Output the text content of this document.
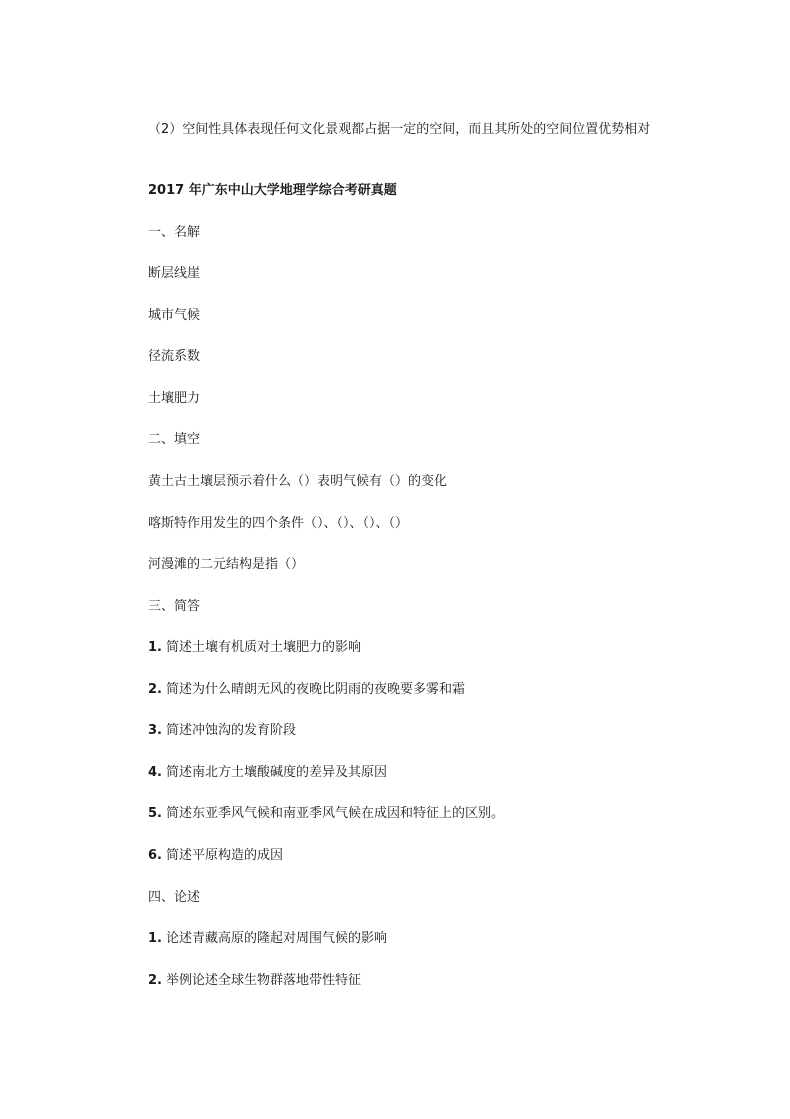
（2）空间性具体表现任何文化景观都占据一定的空间，而且其所处的空间位置优势相对
2017 年广东中山大学地理学综合考研真题
一、名解
断层线崖
城市气候
径流系数
土壤肥力
二、填空
黄土古土壤层预示着什么（）表明气候有（）的变化
喀斯特作用发生的四个条件（）、（）、（）、（）
河漫滩的二元结构是指（）
三、简答
1. 简述土壤有机质对土壤肥力的影响
2. 简述为什么晴朗无风的夜晚比阴雨的夜晚要多雾和霜
3. 简述冲蚀沟的发育阶段
4. 简述南北方土壤酸碱度的差异及其原因
5. 简述东亚季风气候和南亚季风气候在成因和特征上的区别。
6. 简述平原构造的成因
四、论述
1. 论述青藏高原的隆起对周围气候的影响
2. 举例论述全球生物群落地带性特征
